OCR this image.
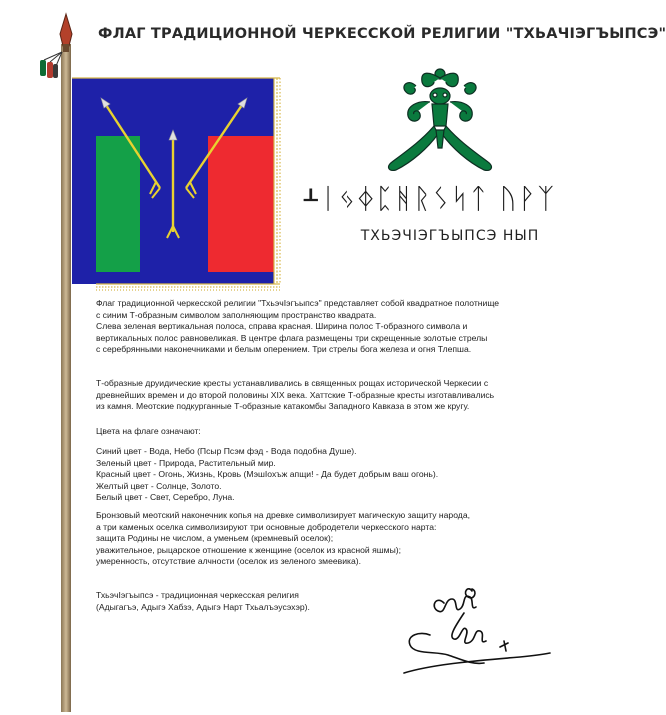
ФЛАГ ТРАДИЦИОННОЙ ЧЕРКЕССКОЙ РЕЛИГИИ "ТХЬАЧIЭГЪЫПСЭ"
ᚆᛁᛃᛄᛈᚻᚱᛊᛋᛏ ᚢᚹᛉ
ТХЬЭЧIЭГЪЫПСЭ НЫП

Флаг традиционной черкесской религии "ТхьэчIэгъыпсэ" представляет собой квадратное полотнище

с синим Т-образным символом заполняющим пространство квадрата.

Слева зеленая вертикальная полоса, справа красная. Ширина полос Т-образного символа и

вертикальных полос равновеликая. В центре флага размещены три скрещенные золотые стрелы

с серебрянными наконечниками и белым оперением. Три стрелы бога железа и огня Тлепша.

Т-образные друидические кресты устанавливались в священных рощах исторической Черкесии с

древнейших времен и до второй половины XIX века. Хаттские Т-образные кресты изготавливались

из камня. Меотские подкурганные Т-образные катакомбы Западного Кавказа в этом же кругу.

Цвета на флаге означают:

Синий цвет - Вода, Небо (Псыр Псэм фэд - Вода подобна Душе).

Зеленый цвет - Природа, Растительный мир.

Красный цвет - Огонь, Жизнь, Кровь (МэшIохъж апщи! - Да будет добрым ваш огонь).

Желтый цвет - Солнце, Золото.

Белый цвет - Свет, Серебро, Луна.

Бронзовый меотский наконечник копья на древке символизирует магическую защиту народа,

а три каменых оселка символизируют три основные добродетели черкесского нарта:

защита Родины не числом, а уменьем (кремневый оселок);

уважительное, рыцарское отношение к женщине (оселок из красной яшмы);

умеренность, отсутствие алчности (оселок из зеленого змеевика).

ТхьэчIэгъыпсэ - традиционная черкесская религия

(Адыгагъэ, Адыгэ Хабзэ, Адыгэ Нарт Тхьалъэусэхэр).
